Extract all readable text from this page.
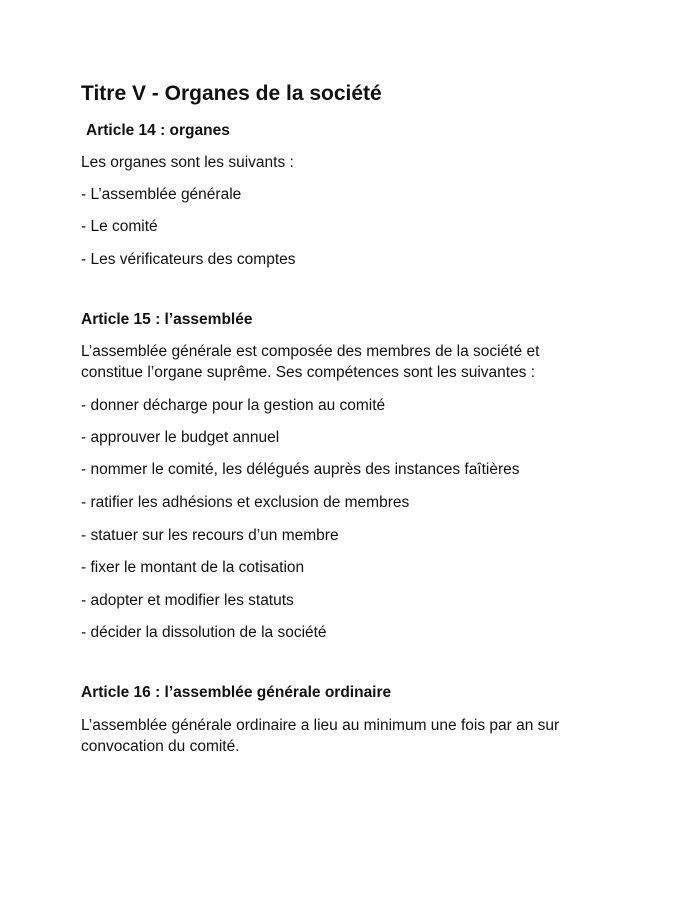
Titre V - Organes de la société
Article 14 : organes

Les organes sont les suivants :

- L’assemblée générale

- Le comité

- Les vérificateurs des comptes

Article 15 : l’assemblée

L’assemblée générale est composée des membres de la société et

constitue l’organe suprême. Ses compétences sont les suivantes :

- donner décharge pour la gestion au comité

- approuver le budget annuel

- nommer le comité, les délégués auprès des instances faîtières

- ratifier les adhésions et exclusion de membres

- statuer sur les recours d’un membre

- fixer le montant de la cotisation

- adopter et modifier les statuts

- décider la dissolution de la société

Article 16 : l’assemblée générale ordinaire

L’assemblée générale ordinaire a lieu au minimum une fois par an sur

convocation du comité.
